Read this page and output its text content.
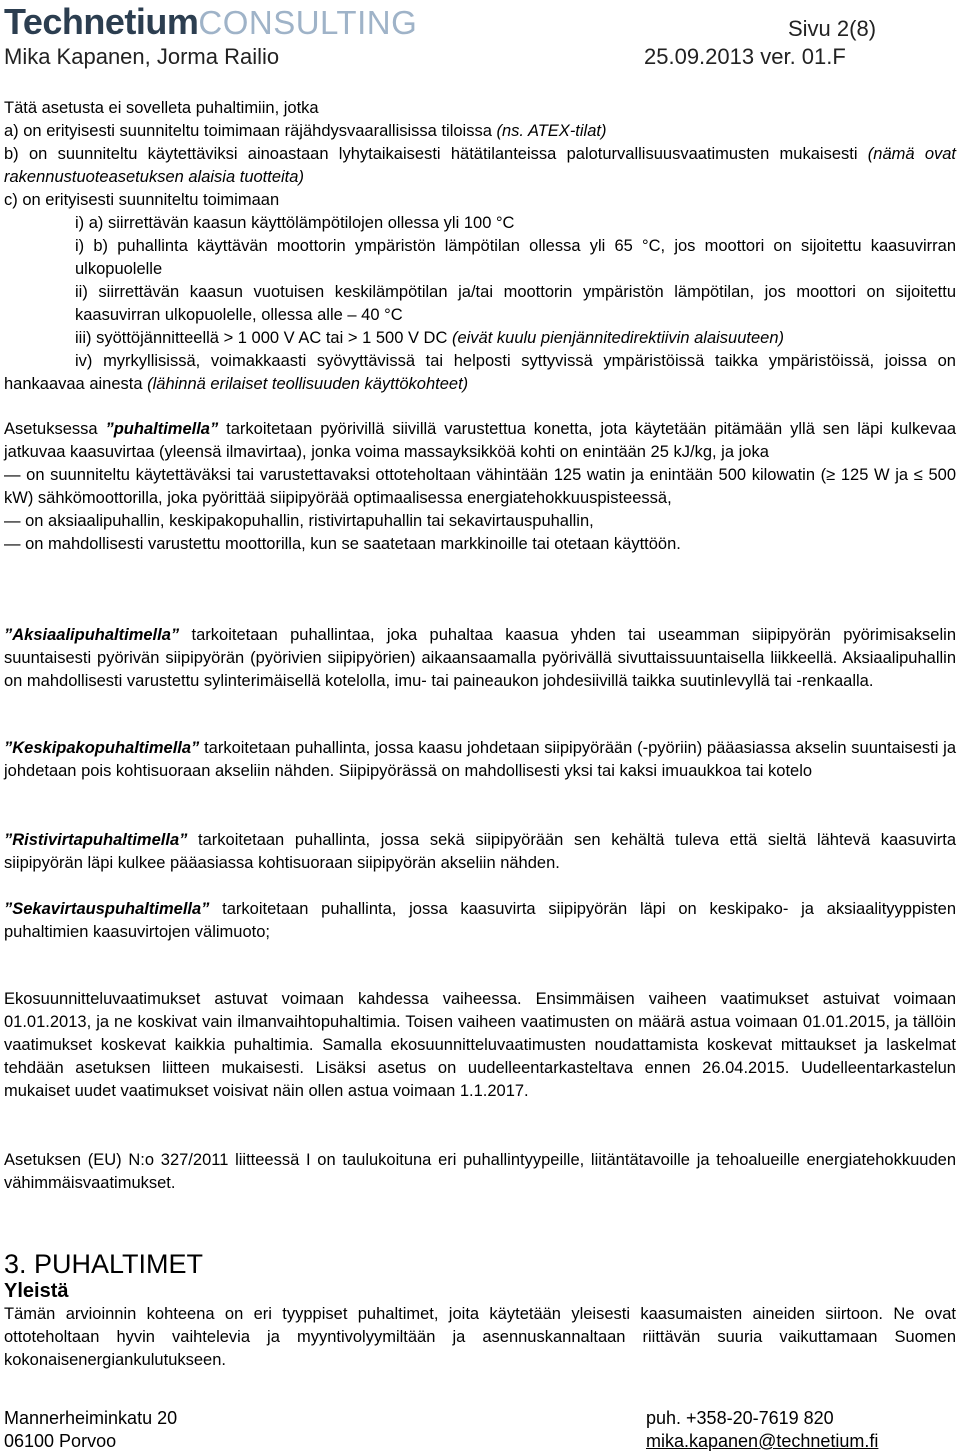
TechnetiumCONSULTING	Sivu 2(8)
Mika Kapanen, Jorma Railio	25.09.2013 ver. 01.F

Tätä asetusta ei sovelleta puhaltimiin, jotka

a) on erityisesti suunniteltu toimimaan räjähdysvaarallisissa tiloissa (ns. ATEX-tilat)

b) on suunniteltu käytettäviksi ainoastaan lyhytaikaisesti hätätilanteissa paloturvallisuusvaatimusten mukaisesti (nämä ovat rakennustuoteasetuksen alaisia tuotteita)

c) on erityisesti suunniteltu toimimaan

i) a) siirrettävän kaasun käyttölämpötilojen ollessa yli 100 °C

i) b) puhallinta käyttävän moottorin ympäristön lämpötilan ollessa yli 65 °C, jos moottori on sijoitettu kaasuvirran ulkopuolelle

ii) siirrettävän kaasun vuotuisen keskilämpötilan ja/tai moottorin ympäristön lämpötilan, jos moottori on sijoitettu kaasuvirran ulkopuolelle, ollessa alle – 40 °C

iii) syöttöjännitteellä > 1 000 V AC tai > 1 500 V DC (eivät kuulu pienjännitedirektiivin alaisuuteen)

iv) myrkyllisissä, voimakkaasti syövyttävissä tai helposti syttyvissä ympäristöissä taikka ympäristöissä, joissa on hankaavaa ainesta (lähinnä erilaiset teollisuuden käyttökohteet)

Asetuksessa ”puhaltimella” tarkoitetaan pyörivillä siivillä varustettua konetta, jota käytetään pitämään yllä sen läpi kulkevaa jatkuvaa kaasuvirtaa (yleensä ilmavirtaa), jonka voima massayksikköä kohti on enintään 25 kJ/kg, ja joka

— on suunniteltu käytettäväksi tai varustettavaksi ottoteholtaan vähintään 125 watin ja enintään 500 kilowatin (≥ 125 W ja ≤ 500 kW) sähkömoottorilla, joka pyörittää siipipyörää optimaalisessa energiatehokkuuspisteessä,

— on aksiaalipuhallin, keskipakopuhallin, ristivirtapuhallin tai sekavirtauspuhallin,

— on mahdollisesti varustettu moottorilla, kun se saatetaan markkinoille tai otetaan käyttöön.

”Aksiaalipuhaltimella” tarkoitetaan puhallintaa, joka puhaltaa kaasua yhden tai useamman siipipyörän pyörimisakselin suuntaisesti pyörivän siipipyörän (pyörivien siipipyörien) aikaansaamalla pyörivällä sivuttaissuuntaisella liikkeellä. Aksiaalipuhallin on mahdollisesti varustettu sylinterimäisellä kotelolla, imu- tai paineaukon johdesiivillä taikka suutinlevyllä tai -renkaalla.

”Keskipakopuhaltimella” tarkoitetaan puhallinta, jossa kaasu johdetaan siipipyörään (-pyöriin) pääasiassa akselin suuntaisesti ja johdetaan pois kohtisuoraan akseliin nähden. Siipipyörässä on mahdollisesti yksi tai kaksi imuaukkoa tai kotelo

”Ristivirtapuhaltimella” tarkoitetaan puhallinta, jossa sekä siipipyörään sen kehältä tuleva että sieltä lähtevä kaasuvirta siipipyörän läpi kulkee pääasiassa kohtisuoraan siipipyörän akseliin nähden.

”Sekavirtauspuhaltimella” tarkoitetaan puhallinta, jossa kaasuvirta siipipyörän läpi on keskipako- ja aksiaalityyppisten puhaltimien kaasuvirtojen välimuoto;

Ekosuunnitteluvaatimukset astuvat voimaan kahdessa vaiheessa. Ensimmäisen vaiheen vaatimukset astuivat voimaan 01.01.2013, ja ne koskivat vain ilmanvaihtopuhaltimia. Toisen vaiheen vaatimusten on määrä astua voimaan 01.01.2015, ja tällöin vaatimukset koskevat kaikkia puhaltimia. Samalla ekosuunnitteluvaatimusten noudattamista koskevat mittaukset ja laskelmat tehdään asetuksen liitteen mukaisesti. Lisäksi asetus on uudelleentarkasteltava ennen 26.04.2015. Uudelleentarkastelun mukaiset uudet vaatimukset voisivat näin ollen astua voimaan 1.1.2017.

Asetuksen (EU) N:o 327/2011 liitteessä I on taulukoituna eri puhallintyypeille, liitäntätavoille ja tehoalueille energiatehokkuuden vähimmäisvaatimukset.

3. PUHALTIMET
Yleistä

Tämän arvioinnin kohteena on eri tyyppiset puhaltimet, joita käytetään yleisesti kaasumaisten aineiden siirtoon. Ne ovat ottoteholtaan hyvin vaihtelevia ja myyntivolyymiltään ja asennuskannaltaan riittävän suuria vaikuttamaan Suomen kokonaisenergiankulutukseen.

Mannerheiminkatu 20
06100 Porvoo
puh. +358-20-7619 820
mika.kapanen@technetium.fi
